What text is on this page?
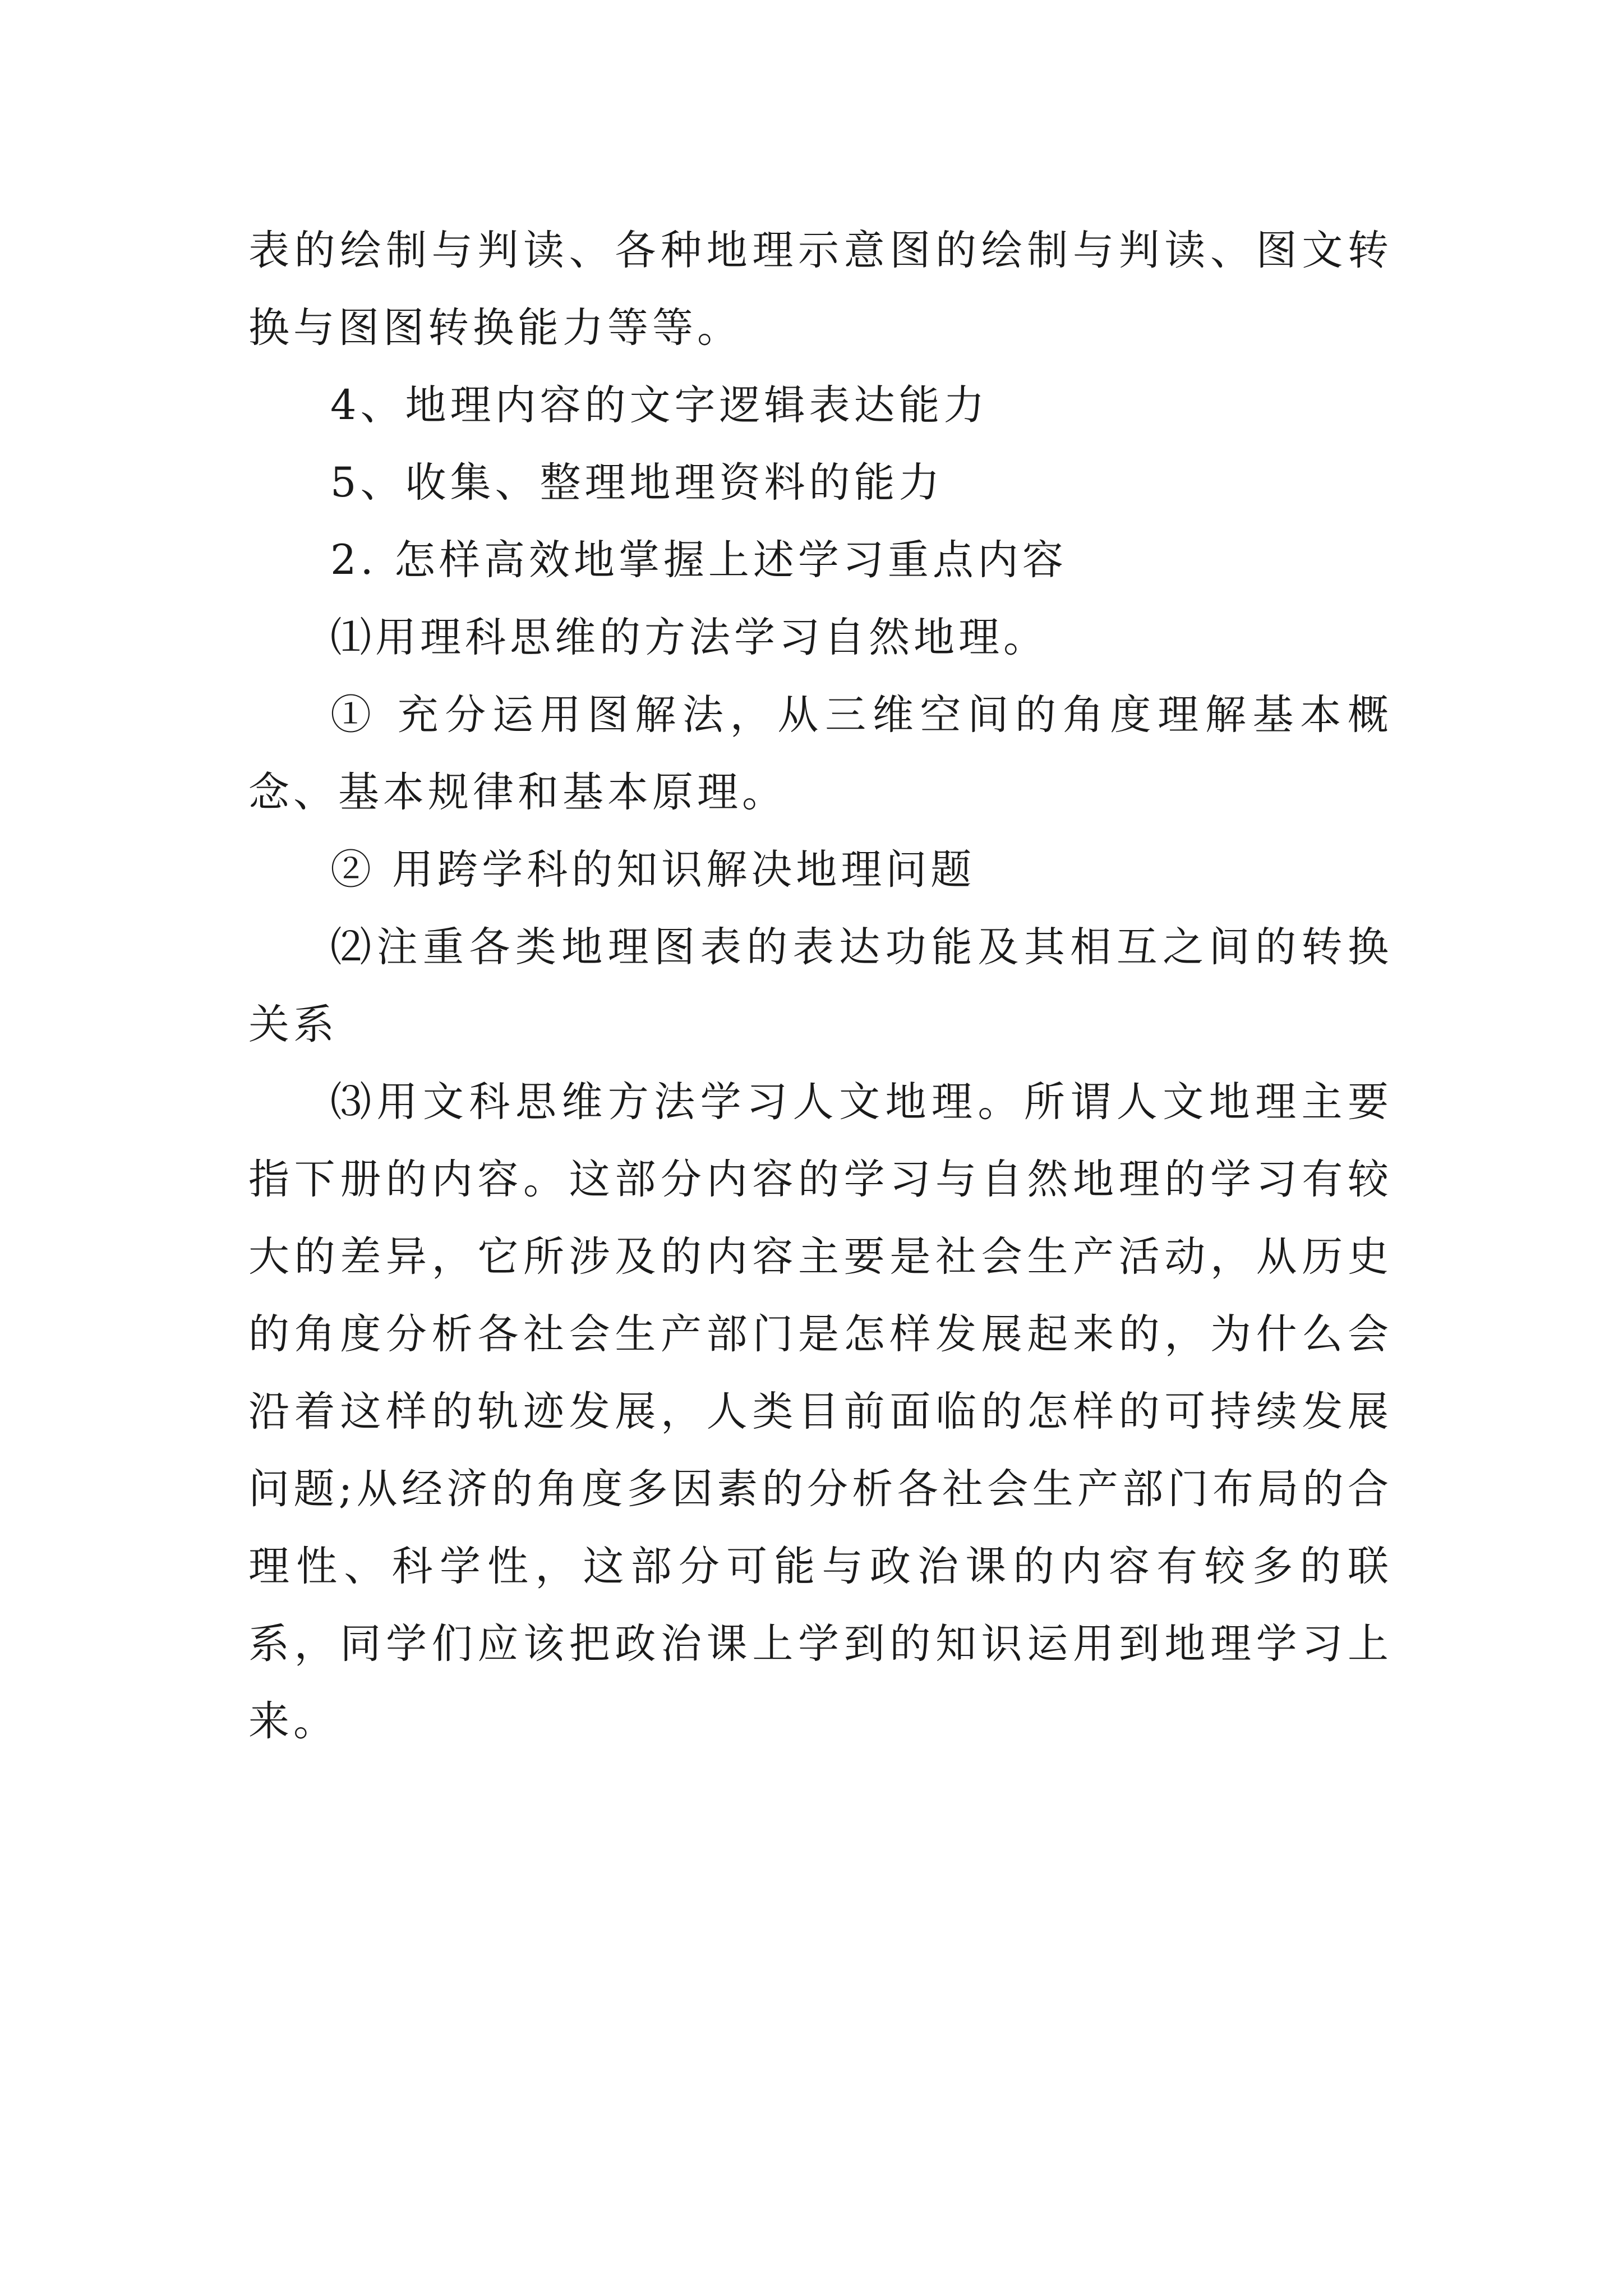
表的绘制与判读、各种地理示意图的绘制与判读、图文转换与图图转换能力等等。

4、地理内容的文字逻辑表达能力

5、收集、整理地理资料的能力

2. 怎样高效地掌握上述学习重点内容

⑴用理科思维的方法学习自然地理。

① 充分运用图解法，从三维空间的角度理解基本概念、基本规律和基本原理。

② 用跨学科的知识解决地理问题

⑵注重各类地理图表的表达功能及其相互之间的转换关系

⑶用文科思维方法学习人文地理。所谓人文地理主要指下册的内容。这部分内容的学习与自然地理的学习有较大的差异，它所涉及的内容主要是社会生产活动，从历史的角度分析各社会生产部门是怎样发展起来的，为什么会沿着这样的轨迹发展，人类目前面临的怎样的可持续发展问题;从经济的角度多因素的分析各社会生产部门布局的合理性、科学性，这部分可能与政治课的内容有较多的联系，同学们应该把政治课上学到的知识运用到地理学习上来。
